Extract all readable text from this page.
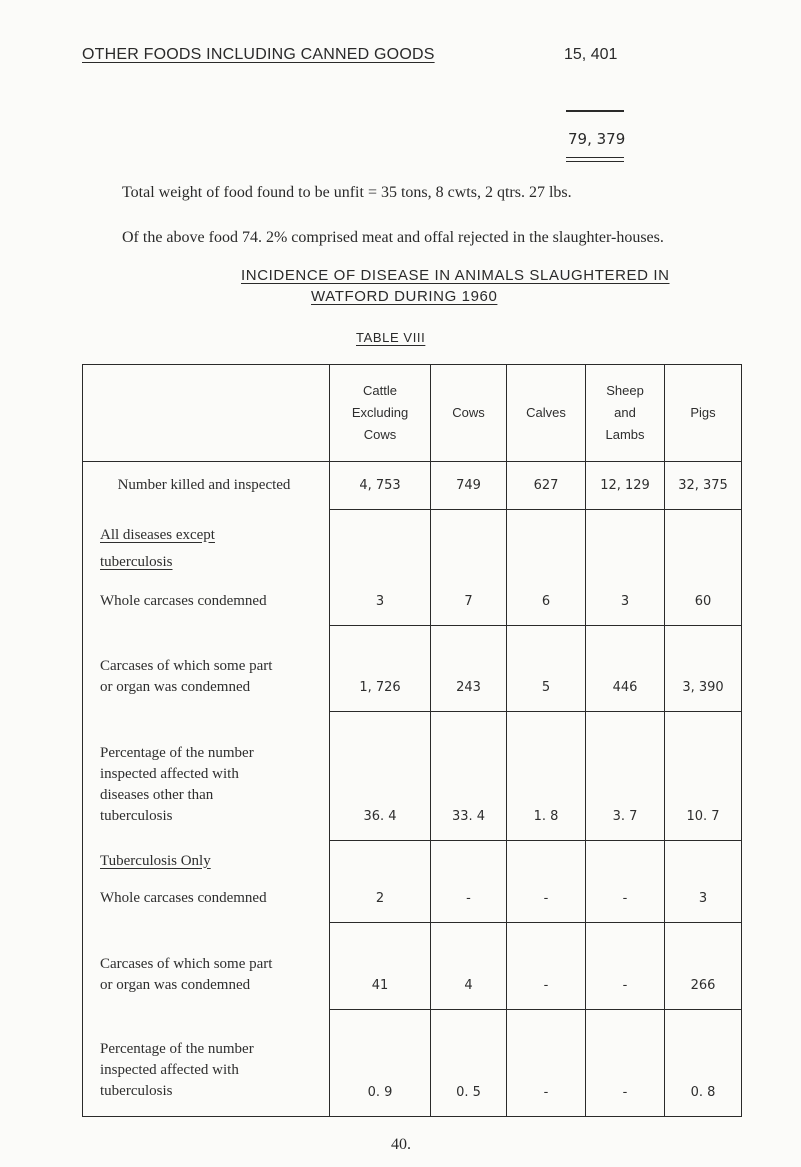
OTHER FOODS INCLUDING CANNED GOODS	15, 401
79, 379
Total weight of food found to be unfit = 35 tons, 8 cwts, 2 qtrs. 27 lbs.
Of the above food 74. 2% comprised meat and offal rejected in the slaughter-houses.
INCIDENCE OF DISEASE IN ANIMALS SLAUGHTERED IN
WATFORD DURING 1960
TABLE VIII

	Cattle
Excluding
Cows	Cows	Calves	Sheep
and
Lambs	Pigs
Number killed and inspected	4, 753	749	627	12, 129	32, 375
All diseases except
tuberculosis
Whole carcases condemned	3	7	6	3	60

Carcases of which some part
or organ was condemned	1, 726	243	5	446	3, 390

Percentage of the number
inspected affected with
diseases other than
tuberculosis	36. 4	33. 4	1. 8	3. 7	10. 7
Tuberculosis Only
Whole carcases condemned	2	-	-	-	3

Carcases of which some part
or organ was condemned	41	4	-	-	266

Percentage of the number
inspected affected with
tuberculosis	0. 9	0. 5	-	-	0. 8
40.
